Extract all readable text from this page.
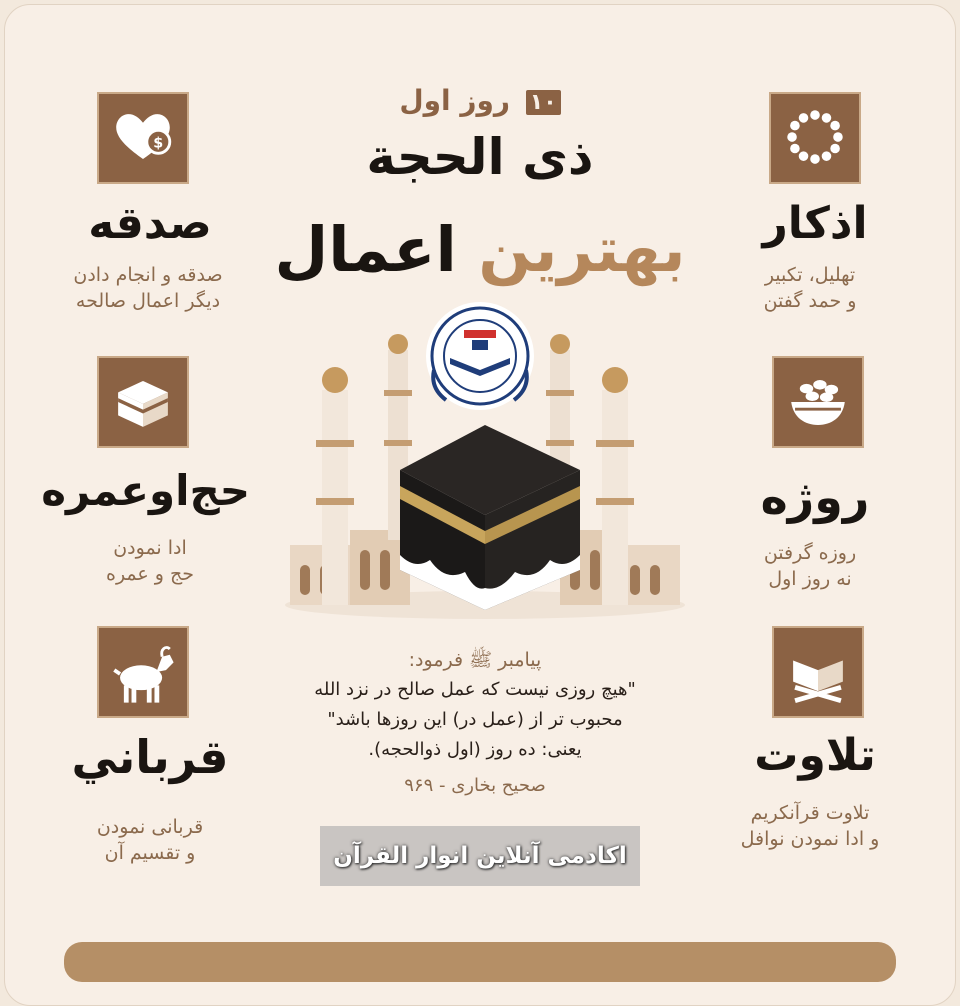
۱۰ روز اول
ذی الحجة
بهترین اعمال
$
صدقه
صدقه و انجام دادن
دیگر اعمال صالحه
حج‌اوعمره
ادا نمودن
حج و عمره
قرباني
قربانی نمودن
و تقسیم آن
اذکار
تهلیل، تکبیر
و حمد گفتن
روژه
روزه گرفتن
نه روز اول
تلاوت
تلاوت قرآنکریم
و ادا نمودن نوافل
پیامبر ﷺ فرمود:
"هیچ روزی نیست که عمل صالح در نزد الله
محبوب تر از (عمل در) این روزها باشد"
یعنی: ده روز (اول ذوالحجه).
صحیح بخاری - ۹۶۹
اکادمی آنلاین انوار القرآن
